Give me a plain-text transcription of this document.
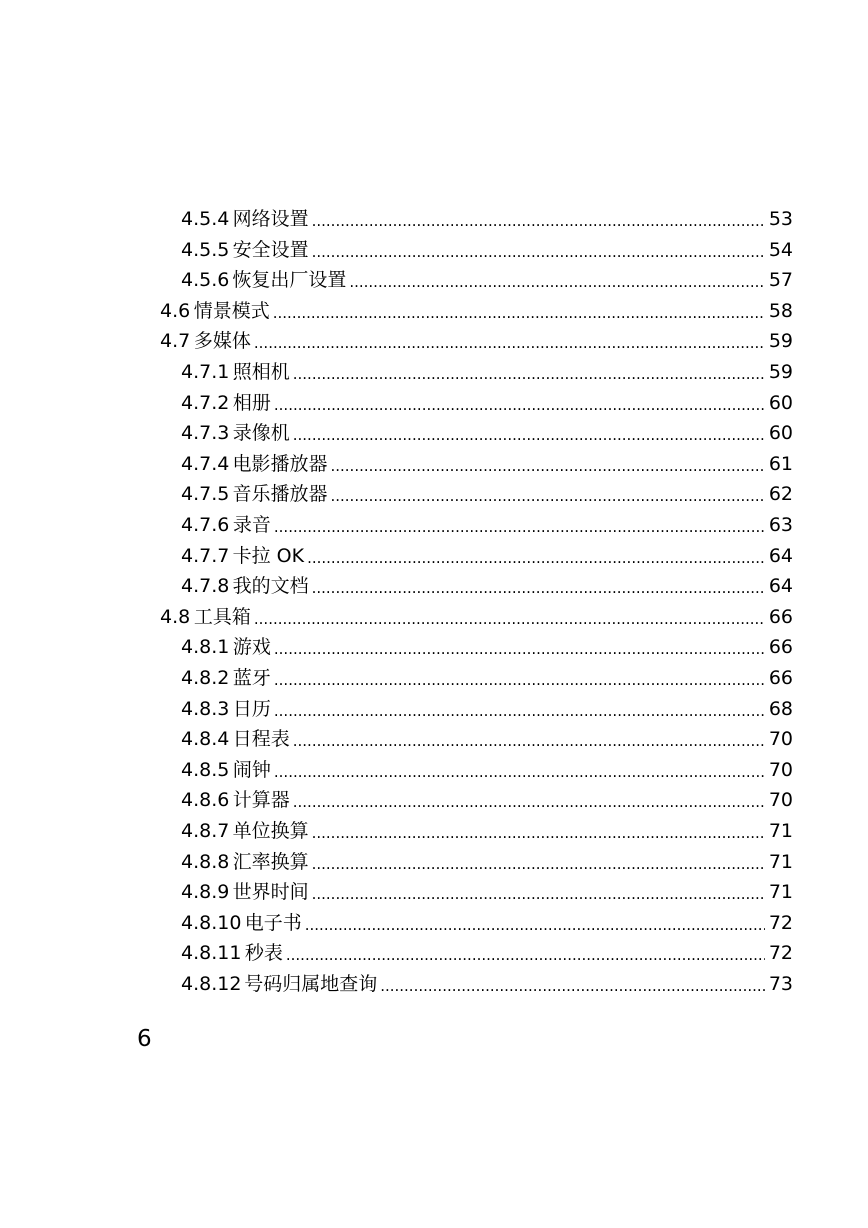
4.5.4 网络设置 .....	53
4.5.5 安全设置 .....	54
4.5.6 恢复出厂设置 .....	57
4.6 情景模式 .....	58
4.7 多媒体 .....	59
4.7.1 照相机 .....	59
4.7.2 相册 .....	60
4.7.3 录像机 .....	60
4.7.4 电影播放器 .....	61
4.7.5 音乐播放器 .....	62
4.7.6 录音 .....	63
4.7.7 卡拉 OK .....	64
4.7.8 我的文档 .....	64
4.8 工具箱 .....	66
4.8.1 游戏 .....	66
4.8.2 蓝牙 .....	66
4.8.3 日历 .....	68
4.8.4 日程表 .....	70
4.8.5 闹钟 .....	70
4.8.6 计算器 .....	70
4.8.7 单位换算 .....	71
4.8.8 汇率换算 .....	71
4.8.9 世界时间 .....	71
4.8.10 电子书 .....	72
4.8.11 秒表 .....	72
4.8.12 号码归属地查询 .....	73
6
